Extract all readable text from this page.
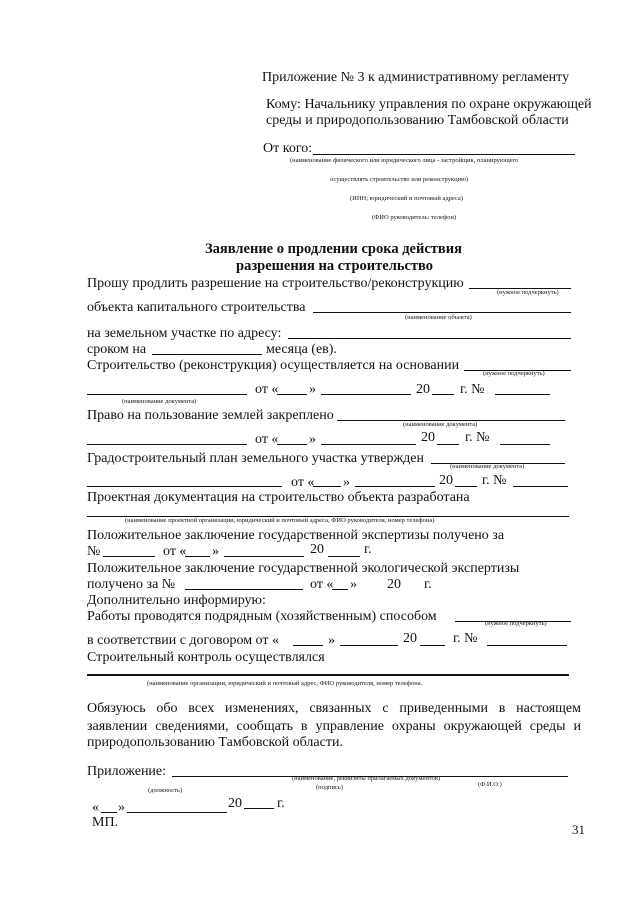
Приложение № 3 к административному регламенту
Кому: Начальнику управления по охране окружающей
среды и природопользованию Тамбовской области
От кого:
(наименование физического или юридического лица - застройщик, планирующего
осуществлять строительство или реконструкцию)
(ИНН; юридический и почтовый адреса)
(ФИО руководитель: телефон)
Заявление о продлении срока действия
разрешения на строительство
Прошу продлить разрешение на строительство/реконструкцию
(нужное подчеркнуть)
объекта капитального строительства
(наименование объекта)
на земельном участке по адресу:
сроком на	месяца (ев).
Строительство (реконструкция) осуществляется на основании
(нужное подчеркнуть)
от « »	20 г. №
(наименование документа)
Право на пользование землей закреплено
(наименование документа)
от « »	20 г. №
Градостроительный план земельного участка утвержден
(наименование документа)
от « »	20 г. №
Проектная документация на строительство объекта разработана
(наименование проектной организации, юридический и почтовый адреса, ФИО руководителя, номер телефона)
Положительное заключение государственной экспертизы получено за
№	от « »	20	г.
Положительное заключение государственной экологической экспертизы
получено за №	от « » 20 г.
Дополнительно информирую:
Работы проводятся подрядным (хозяйственным) способом	(нужное подчеркнуть)
в соответствии с договором от «	»	20	г. №
Строительный контроль осуществлялся
(наименование организации, юридический и почтовый адрес, ФИО руководителя, номер телефона.
Обязуюсь обо всех изменениях, связанных с приведенными в настоящем
заявлении сведениями, сообщать в управление охраны окружающей среды и
природопользованию Тамбовской области.
Приложение:	(наименование, реквизиты прилагаемых документов)
(должность)	(подпись)	(Ф.И.О.)
« »	20	г.
МП.	31
